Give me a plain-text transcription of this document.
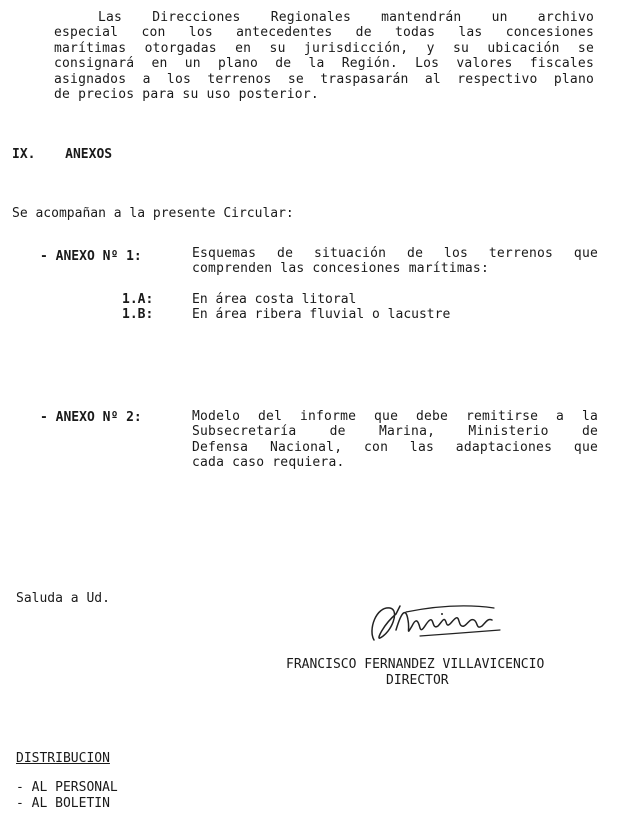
Las Direcciones Regionales mantendrán un archivo
especial con los antecedentes de todas las concesiones
marítimas otorgadas en su jurisdicción, y su ubicación se
consignará en un plano de la Región. Los valores fiscales
asignados a los terrenos se traspasarán al respectivo plano
de precios para su uso posterior.
IX. ANEXOS
Se acompañan a la presente Circular:
- ANEXO Nº 1:	Esquemas de situación de los terrenos que
comprenden las concesiones marítimas:
1.A:	En área costa litoral
1.B:	En área ribera fluvial o lacustre
- ANEXO Nº 2:	Modelo del informe que debe remitirse a la
Subsecretaría de Marina, Ministerio de
Defensa Nacional, con las adaptaciones que
cada caso requiera.
Saluda a Ud.
FRANCISCO FERNANDEZ VILLAVICENCIO
DIRECTOR
DISTRIBUCION
- AL PERSONAL
- AL BOLETIN
